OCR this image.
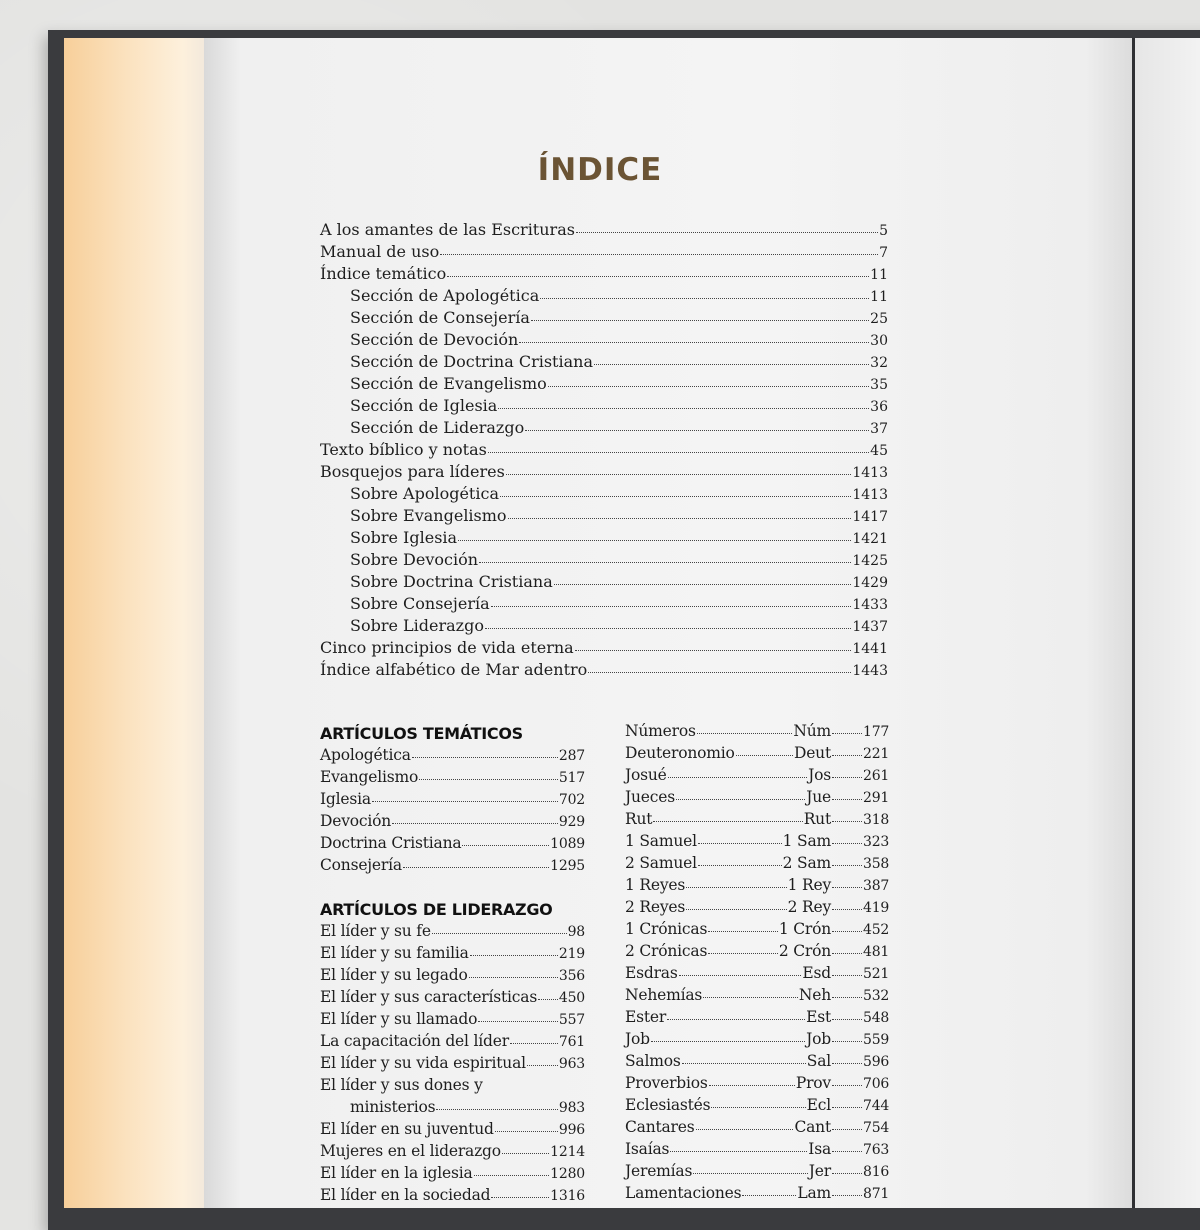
ÍNDICE
A los amantes de las Escrituras	5
Manual de uso	7
Índice temático	11
Sección de Apologética	11
Sección de Consejería	25
Sección de Devoción	30
Sección de Doctrina Cristiana	32
Sección de Evangelismo	35
Sección de Iglesia	36
Sección de Liderazgo	37
Texto bíblico y notas	45
Bosquejos para líderes	1413
Sobre Apologética	1413
Sobre Evangelismo	1417
Sobre Iglesia	1421
Sobre Devoción	1425
Sobre Doctrina Cristiana	1429
Sobre Consejería	1433
Sobre Liderazgo	1437
Cinco principios de vida eterna	1441
Índice alfabético de Mar adentro	1443
ARTÍCULOS TEMÁTICOS
Apologética	287
Evangelismo	517
Iglesia	702
Devoción	929
Doctrina Cristiana	1089
Consejería	1295
ARTÍCULOS DE LIDERAZGO
El líder y su fe	98
El líder y su familia	219
El líder y su legado	356
El líder y sus características 450
El líder y su llamado	557
La capacitación del líder	761
El líder y su vida espiritual 963
El líder y sus dones y
ministerios	983
El líder en su juventud	996
Mujeres en el liderazgo	1214
El líder en la iglesia	1280
El líder en la sociedad	1316
Números	Núm 177
Deuteronomio	Deut 221
Josué	Jos 261
Jueces	Jue 291
Rut	Rut 318
1 Samuel	1 Sam 323
2 Samuel	2 Sam 358
1 Reyes	1 Rey 387
2 Reyes	2 Rey 419
1 Crónicas	1 Crón 452
2 Crónicas	2 Crón 481
Esdras	Esd 521
Nehemías	Neh 532
Ester	Est 548
Job	Job 559
Salmos	Sal 596
Proverbios	Prov 706
Eclesiastés	Ecl 744
Cantares	Cant 754
Isaías	Isa 763
Jeremías	Jer 816
Lamentaciones	Lam 871
